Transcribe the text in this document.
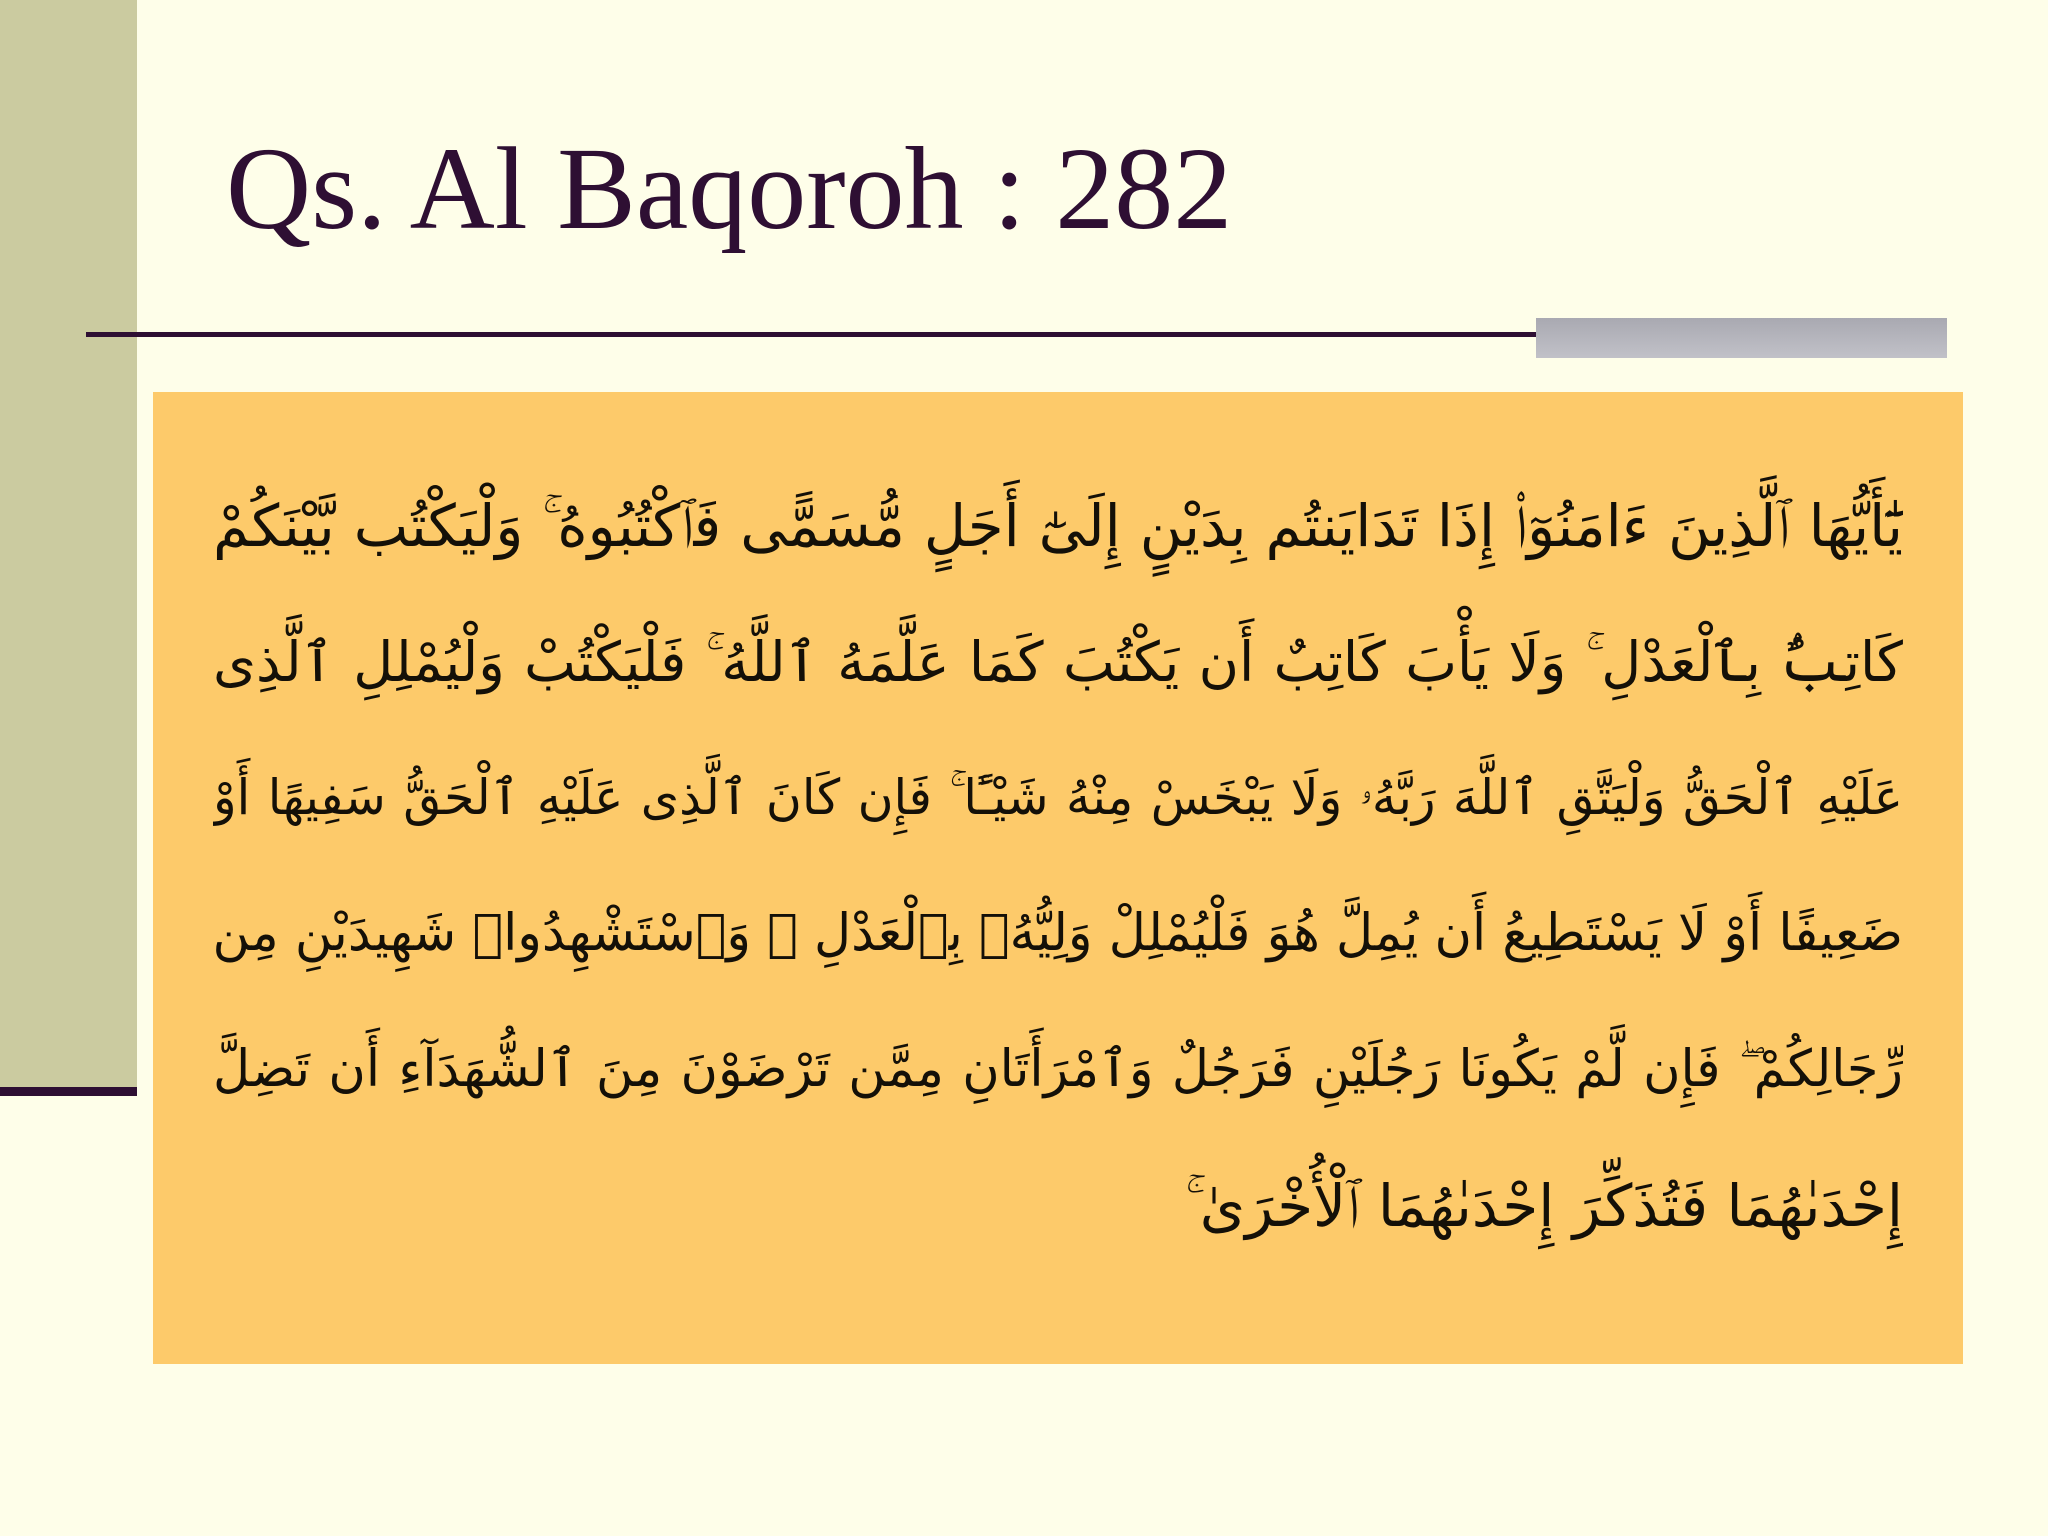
Qs. Al Baqoroh : 282
يَٰٓأَيُّهَا ٱلَّذِينَ ءَامَنُوٓا۟ إِذَا تَدَايَنتُم بِدَيْنٍ إِلَىٰٓ أَجَلٍ مُّسَمًّى فَٱكْتُبُوهُ ۚ وَلْيَكْتُب بَّيْنَكُمْ
كَاتِبٌۢ بِٱلْعَدْلِ ۚ وَلَا يَأْبَ كَاتِبٌ أَن يَكْتُبَ كَمَا عَلَّمَهُ ٱللَّهُ ۚ فَلْيَكْتُبْ وَلْيُمْلِلِ ٱلَّذِى
عَلَيْهِ ٱلْحَقُّ وَلْيَتَّقِ ٱللَّهَ رَبَّهُۥ وَلَا يَبْخَسْ مِنْهُ شَيْـًٔا ۚ فَإِن كَانَ ٱلَّذِى عَلَيْهِ ٱلْحَقُّ سَفِيهًا أَوْ
ضَعِيفًا أَوْ لَا يَسْتَطِيعُ أَن يُمِلَّ هُوَ فَلْيُمْلِلْ وَلِيُّهُۥ بِٱلْعَدْلِ ۚ وَٱسْتَشْهِدُوا۟ شَهِيدَيْنِ مِن
رِّجَالِكُمْ ۖ فَإِن لَّمْ يَكُونَا رَجُلَيْنِ فَرَجُلٌ وَٱمْرَأَتَانِ مِمَّن تَرْضَوْنَ مِنَ ٱلشُّهَدَآءِ أَن تَضِلَّ
إِحْدَىٰهُمَا فَتُذَكِّرَ إِحْدَىٰهُمَا ٱلْأُخْرَىٰ ۚ
